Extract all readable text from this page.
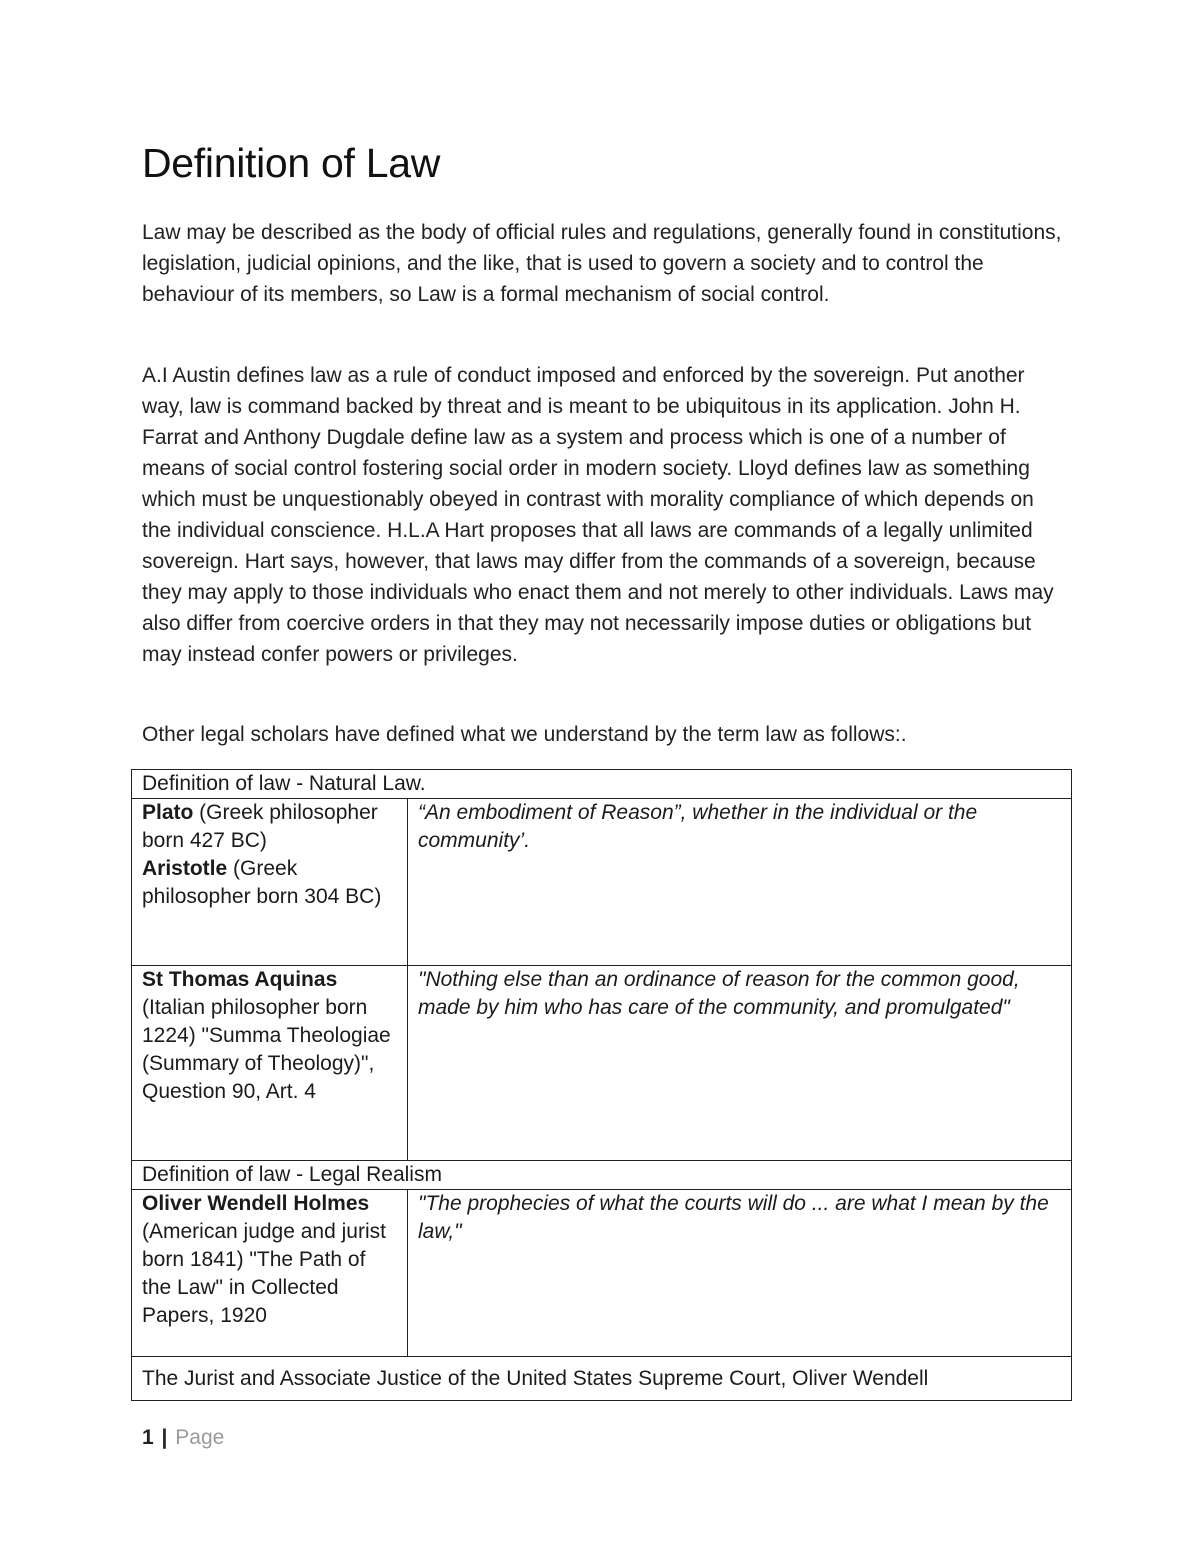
Definition of Law

Law may be described as the body of official rules and regulations, generally found in constitutions, legislation, judicial opinions, and the like, that is used to govern a society and to control the behaviour of its members, so Law is a formal mechanism of social control.

A.I Austin defines law as a rule of conduct imposed and enforced by the sovereign. Put another way, law is command backed by threat and is meant to be ubiquitous in its application. John H. Farrat and Anthony Dugdale define law as a system and process which is one of a number of means of social control fostering social order in modern society. Lloyd defines law as something which must be unquestionably obeyed in contrast with morality compliance of which depends on the individual conscience. H.L.A Hart proposes that all laws are commands of a legally unlimited sovereign. Hart says, however, that laws may differ from the commands of a sovereign, because they may apply to those individuals who enact them and not merely to other individuals. Laws may also differ from coercive orders in that they may not necessarily impose duties or obligations but may instead confer powers or privileges.

Other legal scholars have defined what we understand by the term law as follows:.

Definition of law - Natural Law.	
Plato (Greek philosopher born 427 BC)
Aristotle (Greek philosopher born 304 BC)	“An embodiment of Reason”, whether in the individual or the community’.
St Thomas Aquinas
(Italian philosopher born 1224) "Summa Theologiae (Summary of Theology)", Question 90, Art. 4	"Nothing else than an ordinance of reason for the common good, made by him who has care of the community, and promulgated"
Definition of law - Legal Realism	
Oliver Wendell Holmes
(American judge and jurist born 1841) "The Path of the Law" in Collected Papers, 1920	"The prophecies of what the courts will do ... are what I mean by the law,"
The Jurist and Associate Justice of the United States Supreme Court, Oliver Wendell	
1 | Page
